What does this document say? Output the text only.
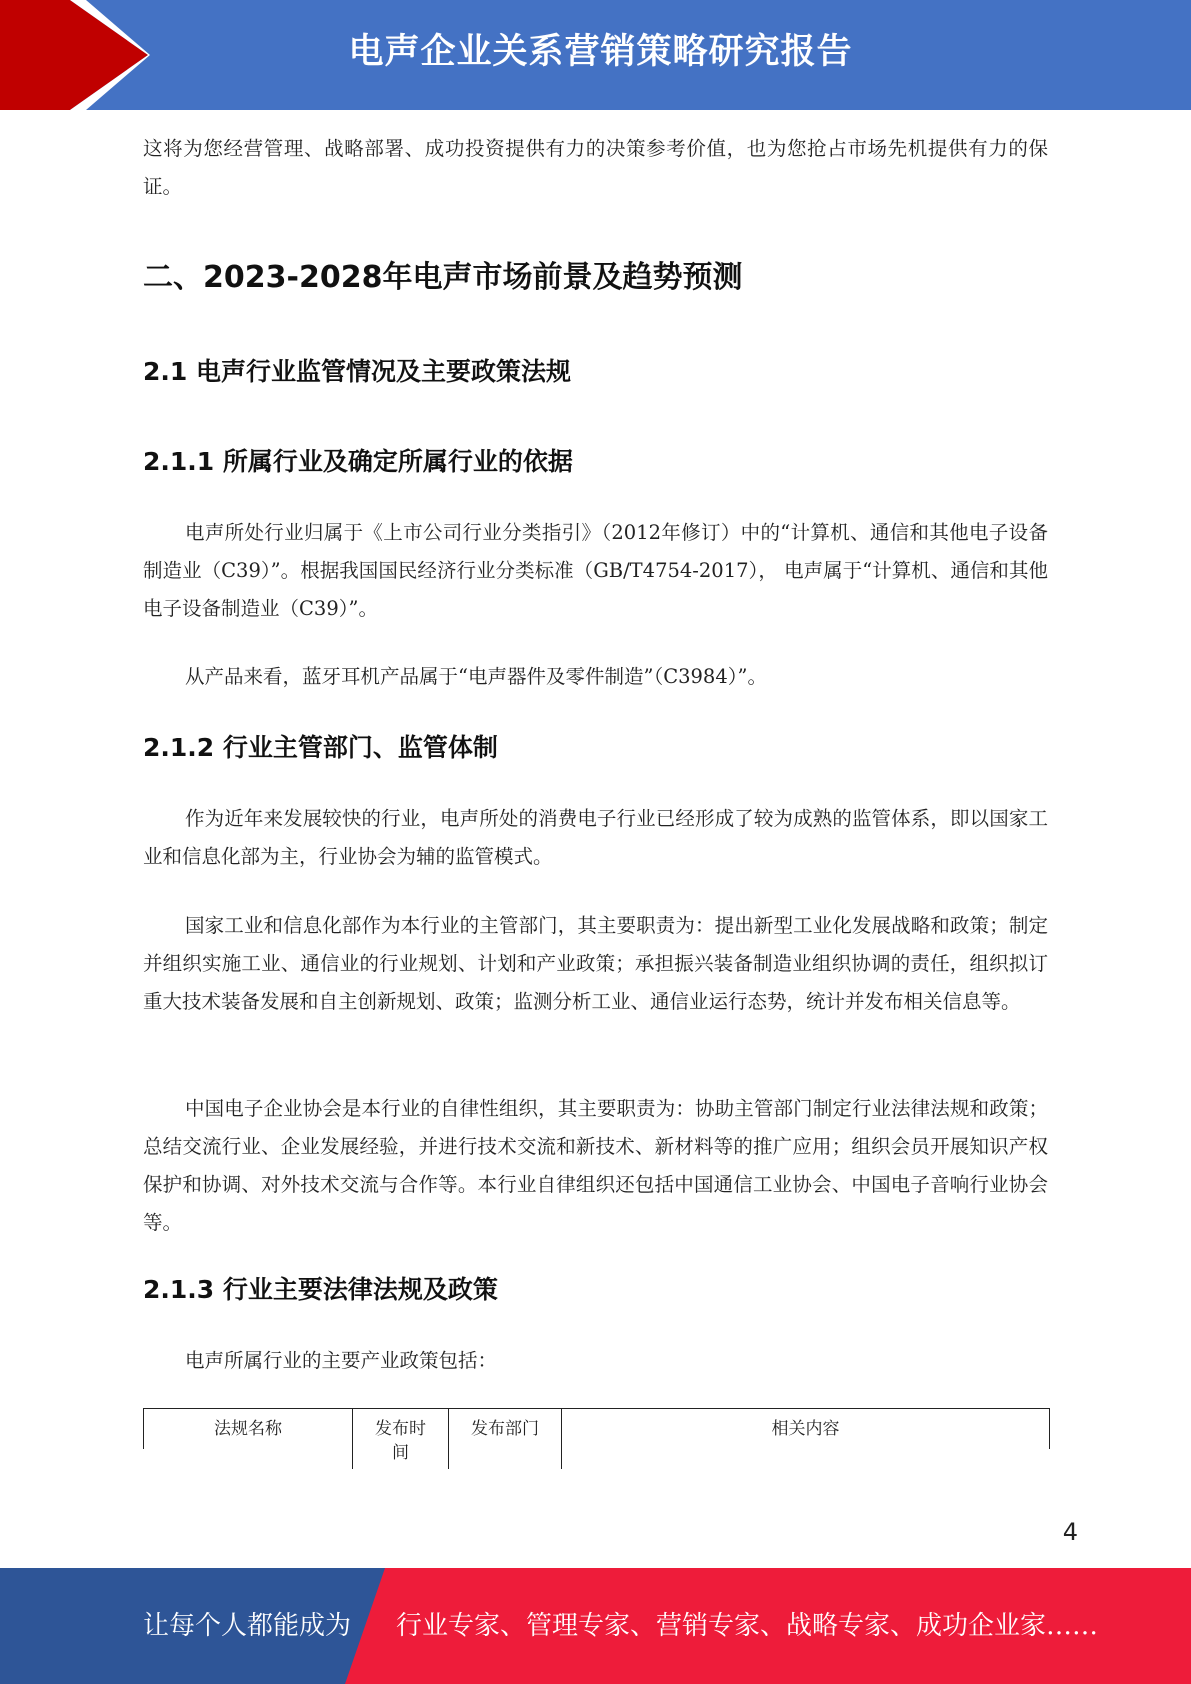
电声企业关系营销策略研究报告

这将为您经营管理、战略部署、成功投资提供有力的决策参考价值，也为您抢占市场先机提供有力的保证。

二、2023-2028年电声市场前景及趋势预测
2.1 电声行业监管情况及主要政策法规
2.1.1 所属行业及确定所属行业的依据

电声所处行业归属于《上市公司行业分类指引》（2012年修订）中的“计算机、通信和其他电子设备制造业（C39）”。根据我国国民经济行业分类标准（GB/T4754-2017）， 电声属于“计算机、通信和其他电子设备制造业（C39）”。

从产品来看，蓝牙耳机产品属于“电声器件及零件制造”（C3984）”。

2.1.2 行业主管部门、监管体制

作为近年来发展较快的行业，电声所处的消费电子行业已经形成了较为成熟的监管体系，即以国家工业和信息化部为主，行业协会为辅的监管模式。

国家工业和信息化部作为本行业的主管部门，其主要职责为：提出新型工业化发展战略和政策；制定并组织实施工业、通信业的行业规划、计划和产业政策；承担振兴装备制造业组织协调的责任，组织拟订重大技术装备发展和自主创新规划、政策；监测分析工业、通信业运行态势，统计并发布相关信息等。

中国电子企业协会是本行业的自律性组织，其主要职责为：协助主管部门制定行业法律法规和政策；总结交流行业、企业发展经验，并进行技术交流和新技术、新材料等的推广应用；组织会员开展知识产权保护和协调、对外技术交流与合作等。本行业自律组织还包括中国通信工业协会、中国电子音响行业协会等。

2.1.3 行业主要法律法规及政策

电声所属行业的主要产业政策包括：

法规名称	发布时间
发布部门	相关内容
4
让每个人都能成为 行业专家、管理专家、营销专家、战略专家、成功企业家……
